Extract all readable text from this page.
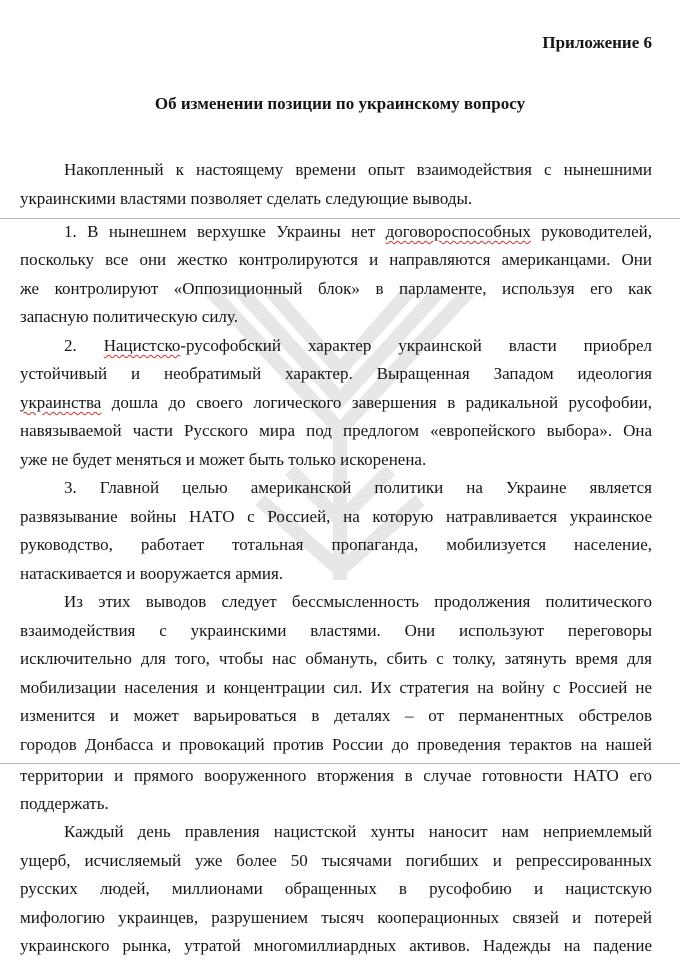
Приложение 6
Об изменении позиции по украинскому вопросу
Накопленный к настоящему времени опыт взаимодействия с нынешними
украинскими властями позволяет сделать следующие выводы.
1. В нынешнем верхушке Украины нет договороспособных руководителей,
поскольку все они жестко контролируются и направляются американцами. Они
же контролируют «Оппозиционный блок» в парламенте, используя его как
запасную политическую силу.
2. Нацистско-русофобский характер украинской власти приобрел
устойчивый и необратимый характер. Выращенная Западом идеология
украинства дошла до своего логического завершения в радикальной русофобии,
навязываемой части Русского мира под предлогом «европейского выбора». Она
уже не будет меняться и может быть только искоренена.
3. Главной целью американской политики на Украине является
развязывание войны НАТО с Россией, на которую натравливается украинское
руководство, работает тотальная пропаганда, мобилизуется население,
натаскивается и вооружается армия.
Из этих выводов следует бессмысленность продолжения политического
взаимодействия с украинскими властями. Они используют переговоры
исключительно для того, чтобы нас обмануть, сбить с толку, затянуть время для
мобилизации населения и концентрации сил. Их стратегия на войну с Россией не
изменится и может варьироваться в деталях – от перманентных обстрелов
городов Донбасса и провокаций против России до проведения терактов на нашей
территории и прямого вооруженного вторжения в случае готовности НАТО его
поддержать.
Каждый день правления нацистской хунты наносит нам неприемлемый
ущерб, исчисляемый уже более 50 тысячами погибших и репрессированных
русских людей, миллионами обращенных в русофобию и нацистскую
мифологию украинцев, разрушением тысяч кооперационных связей и потерей
украинского рынка, утратой многомиллиардных активов. Надежды на падение
